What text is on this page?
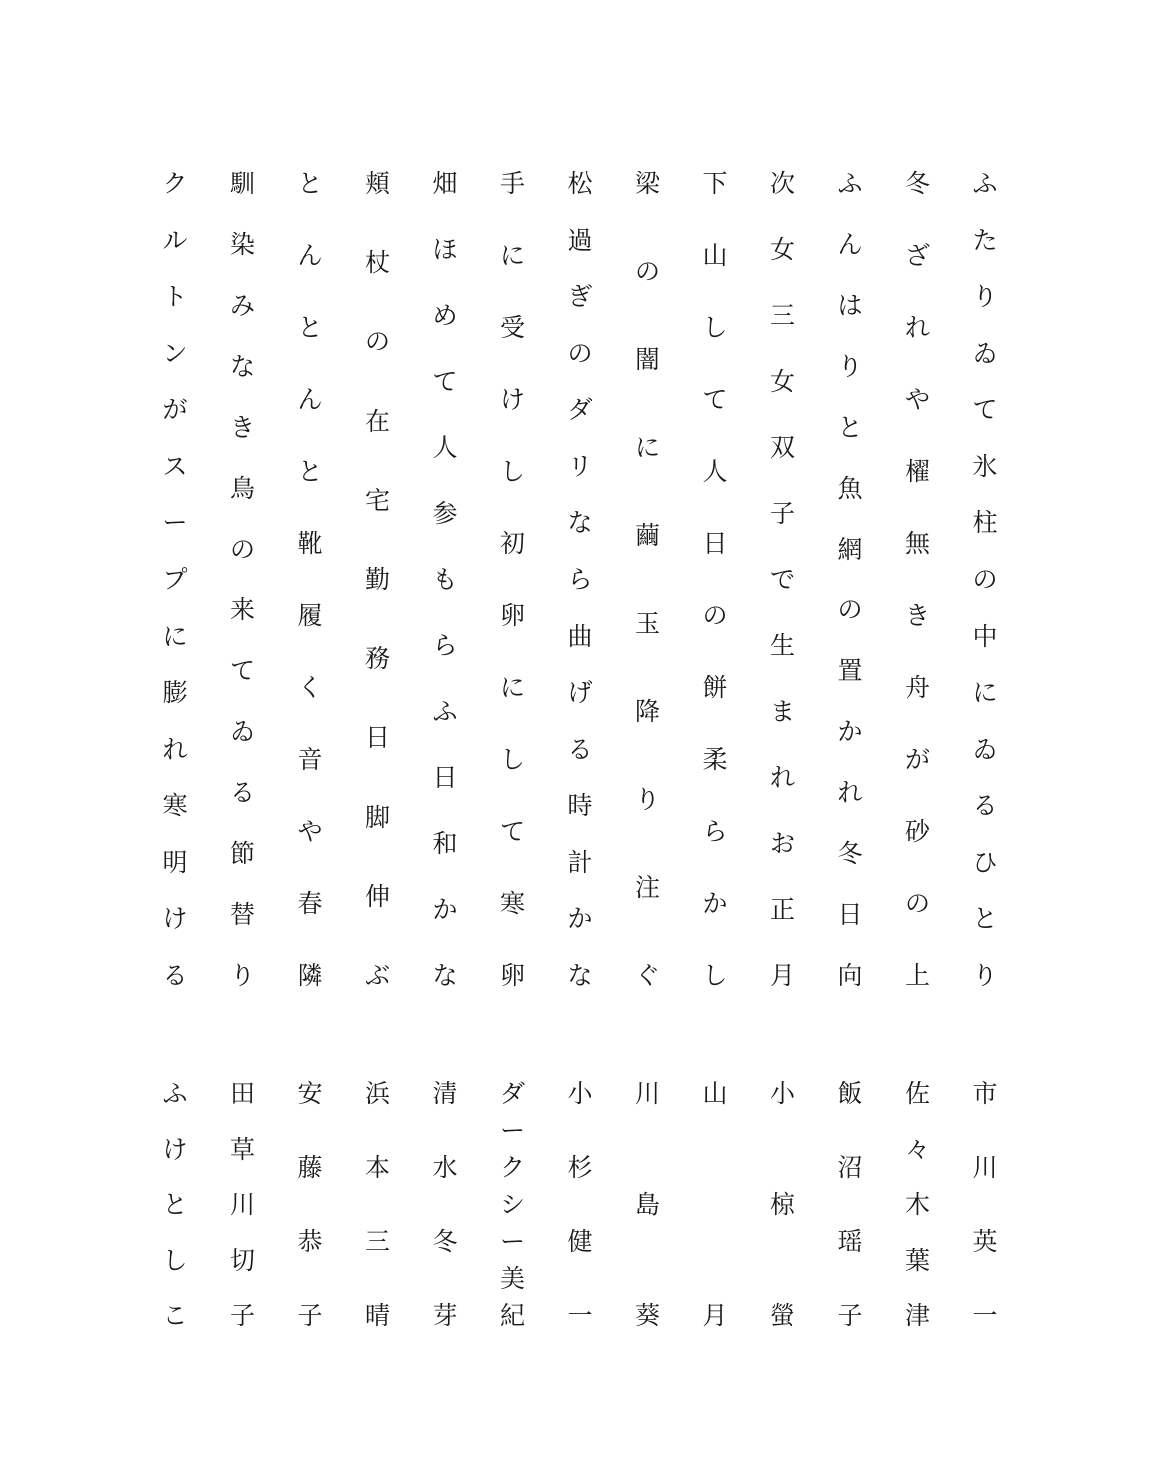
ふ
た
り
ゐ
て
氷
柱
の
中
に
ゐ
る
ひ
と
り
冬
ざ
れ
や
櫂
無
き
舟
が
砂
の
上
ふ
ん
は
り
と
魚
網
の
置
か
れ
冬
日
向
次
女
三
女
双
子
で
生
ま
れ
お
正
月
下
山
し
て
人
日
の
餅
柔
ら
か
し
梁
の
闇
に
繭
玉
降
り
注
ぐ
松
過
ぎ
の
ダ
リ
な
ら
曲
げ
る
時
計
か
な
手
に
受
け
し
初
卵
に
し
て
寒
卵
畑
ほ
め
て
人
参
も
ら
ふ
日
和
か
な
頬
杖
の
在
宅
勤
務
日
脚
伸
ぶ
と
ん
と
ん
と
靴
履
く
音
や
春
隣
馴
染
み
な
き
鳥
の
来
て
ゐ
る
節
替
り
ク
ル
ト
ン
が
ス
ー
プ
に
膨
れ
寒
明
け
る
市
川
英
一
佐
々
木
葉
津
飯
沼
瑶
子
小
椋
螢
山
月
川
島
葵
小
杉
健
一
ダ
ー
ク
シ
ー
美
紀
清
水
冬
芽
浜
本
三
晴
安
藤
恭
子
田
草
川
切
子
ふ
け
と
し
こ
